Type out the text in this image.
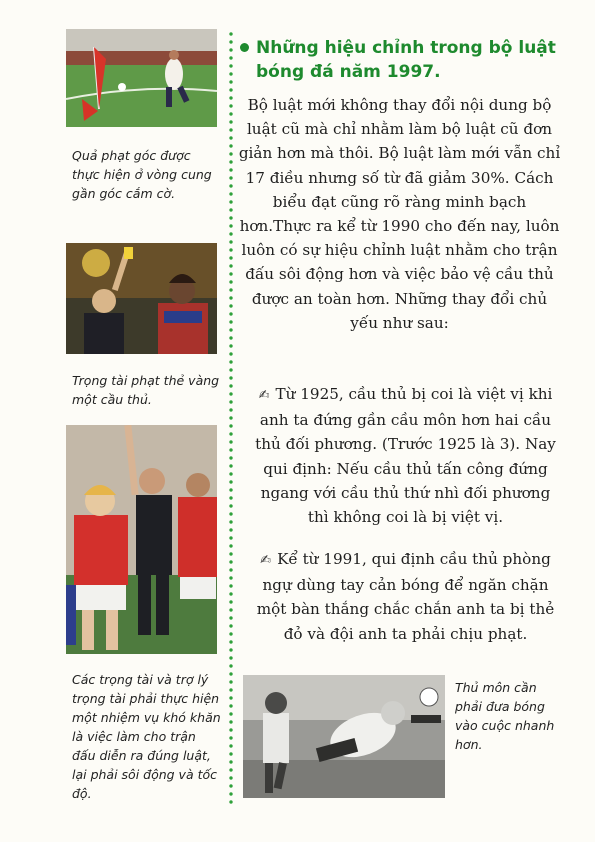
Quả phạt góc được thực hiện ở vòng cung gần góc cắm cờ.

Trọng tài phạt thẻ vàng một cầu thủ.

Các trọng tài và trợ lý trọng tài phải thực hiện một nhiệm vụ khó khăn là việc làm cho trận đấu diễn ra đúng luật, lại phải sôi động và tốc độ.

Những hiệu chỉnh trong bộ luật bóng đá năm 1997.

Bộ luật mới không thay đổi nội dung bộ luật cũ mà chỉ nhằm làm bộ luật cũ đơn giản hơn mà thôi. Bộ luật làm mới vẫn chỉ 17 điều nhưng số từ đã giảm 30%. Cách biểu đạt cũng rõ ràng minh bạch hơn.Thực ra kể từ 1990 cho đến nay, luôn luôn có sự hiệu chỉnh luật nhằm cho trận đấu sôi động hơn và việc bảo vệ cầu thủ được an toàn hơn. Những thay đổi chủ yếu như sau:

✍ Từ 1925, cầu thủ bị coi là việt vị khi anh ta đứng gần cầu môn hơn hai cầu thủ đối phương. (Trước 1925 là 3). Nay qui định: Nếu cầu thủ tấn công đứng ngang với cầu thủ thứ nhì đối phương thì không coi là bị việt vị.

✍ Kể từ 1991, qui định cầu thủ phòng ngự dùng tay cản bóng để ngăn chặn một bàn thắng chắc chắn anh ta bị thẻ đỏ và đội anh ta phải chịu phạt.

Thủ môn cần phải đưa bóng vào cuộc nhanh hơn.
